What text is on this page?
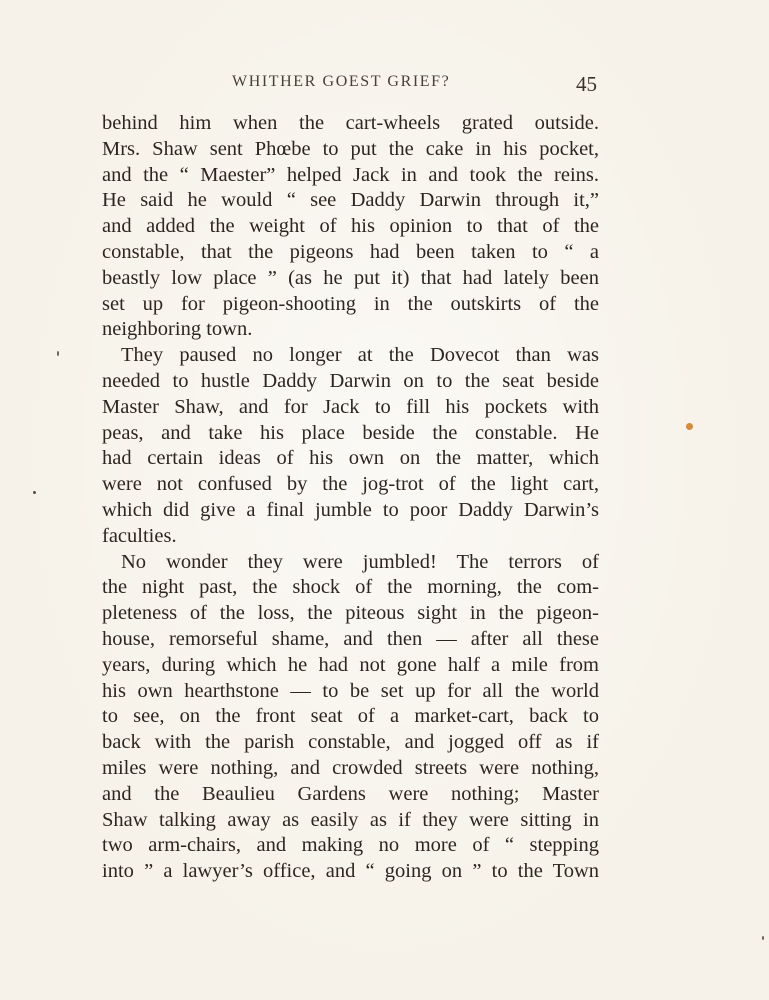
WHITHER GOEST GRIEF?	45
behind him when the cart-wheels grated outside.
Mrs. Shaw sent Phœbe to put the cake in his pocket,
and the “ Maester” helped Jack in and took the reins.
He said he would “ see Daddy Darwin through it,”
and added the weight of his opinion to that of the
constable, that the pigeons had been taken to “ a
beastly low place ” (as he put it) that had lately been
set up for pigeon-shooting in the outskirts of the
neighboring town.
They paused no longer at the Dovecot than was
needed to hustle Daddy Darwin on to the seat beside
Master Shaw, and for Jack to fill his pockets with
peas, and take his place beside the constable. He
had certain ideas of his own on the matter, which
were not confused by the jog-trot of the light cart,
which did give a final jumble to poor Daddy Darwin’s
faculties.
No wonder they were jumbled! The terrors of
the night past, the shock of the morning, the com-
pleteness of the loss, the piteous sight in the pigeon-
house, remorseful shame, and then — after all these
years, during which he had not gone half a mile from
his own hearthstone — to be set up for all the world
to see, on the front seat of a market-cart, back to
back with the parish constable, and jogged off as if
miles were nothing, and crowded streets were nothing,
and the Beaulieu Gardens were nothing; Master
Shaw talking away as easily as if they were sitting in
two arm-chairs, and making no more of “ stepping
into ” a lawyer’s office, and “ going on ” to the Town
